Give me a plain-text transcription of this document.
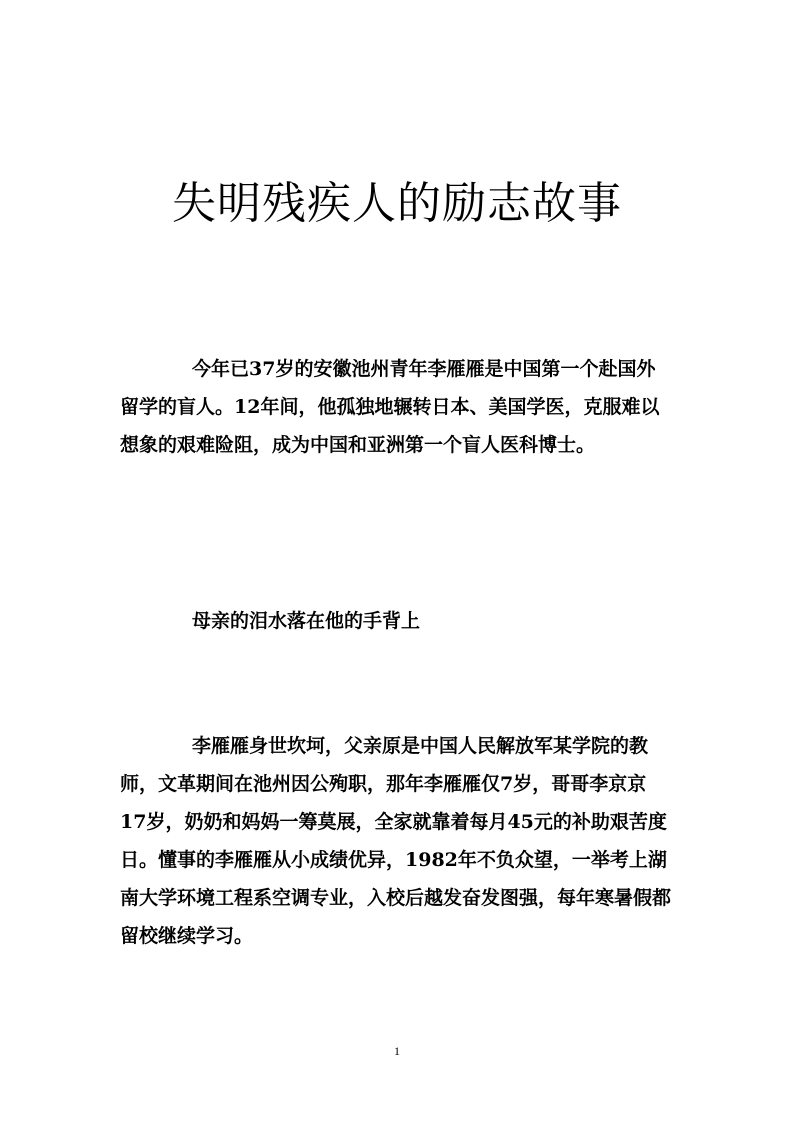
失明残疾人的励志故事

今年已37岁的安徽池州青年李雁雁是中国第一个赴国外留学的盲人。12年间，他孤独地辗转日本、美国学医，克服难以想象的艰难险阻，成为中国和亚洲第一个盲人医科博士。

母亲的泪水落在他的手背上

李雁雁身世坎坷，父亲原是中国人民解放军某学院的教师，文革期间在池州因公殉职，那年李雁雁仅7岁，哥哥李京京17岁，奶奶和妈妈一筹莫展，全家就靠着每月45元的补助艰苦度日。懂事的李雁雁从小成绩优异，1982年不负众望，一举考上湖南大学环境工程系空调专业，入校后越发奋发图强，每年寒暑假都留校继续学习。

1
